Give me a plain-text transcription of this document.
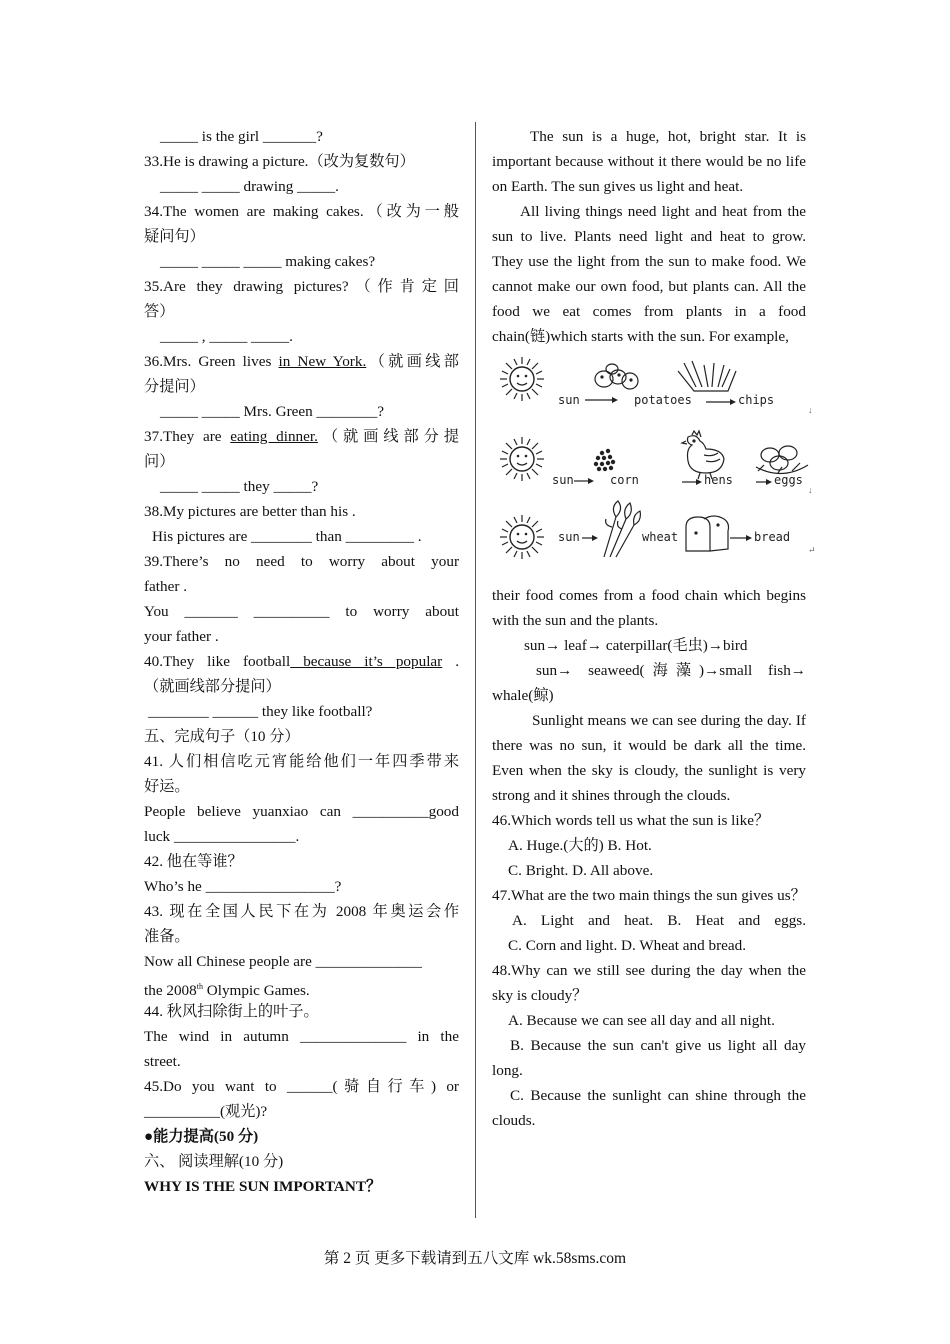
_____ is the girl _______?
33.He is drawing a picture.（改为复数句）
_____ _____ drawing _____.
34.The women are making cakes.（改为一般
疑问句）
_____ _____ _____ making cakes?
35.Are they drawing pictures?（作肯定回
答）
_____ , _____ _____.
36.Mrs. Green lives in New York.（就画线部
分提问）
_____ _____ Mrs. Green ________?
37.They are eating dinner.（就画线部分提
问）
_____ _____ they _____?
38.My pictures are better than his .
His pictures are ________ than _________ .
39.There’s no need to worry about your
father .
You _______ __________ to worry about
your father .
40.They like football because it’s popular .
（就画线部分提问）
________ ______ they like football?
五、完成句子（10 分）
41. 人们相信吃元宵能给他们一年四季带来
好运。
People believe yuanxiao can __________good
luck ________________.
42. 他在等谁？
Who’s he _________________?
43. 现在全国人民下在为 2008 年奥运会作
准备。
Now all Chinese people are ______________
the 2008th Olympic Games.
44. 秋风扫除街上的叶子。
The wind in autumn ______________ in the
street.
45.Do you want to ______(骑自行车) or
__________(观光)?
●能力提高(50 分)
六、 阅读理解(10 分)
WHY IS THE SUN IMPORTANT？
The sun is a huge, hot, bright star. It is important because without it there would be no life on Earth. The sun gives us light and heat.
All living things need light and heat from the sun to live. Plants need light and heat to grow. They use the light from the sun to make food. We cannot make our own food, but plants can. All the food we eat comes from plants in a food chain(链)which starts with the sun. For example,
sun	potatoes	chips
↓
sun	corn	hens	eggs
↓
sun	wheat	bread
↵
their food comes from a food chain which begins with the sun and the plants.
sun→ leaf→ caterpillar(毛虫)→bird
sun→ seaweed(海藻)→small fish→ whale(鲸)
Sunlight means we can see during the day. If there was no sun, it would be dark all the time. Even when the sky is cloudy, the sunlight is very strong and it shines through the clouds.
46.Which words tell us what the sun is like？
A. Huge.(大的) B. Hot.
C. Bright. D. All above.
47.What are the two main things the sun gives us？
A. Light and heat. B. Heat and eggs.
C. Corn and light. D. Wheat and bread.
48.Why can we still see during the day when the sky is cloudy？
A. Because we can see all day and all night.
B. Because the sun can't give us light all day long.
C. Because the sunlight can shine through the clouds.
第 2 页 更多下载请到五八文库 wk.58sms.com
